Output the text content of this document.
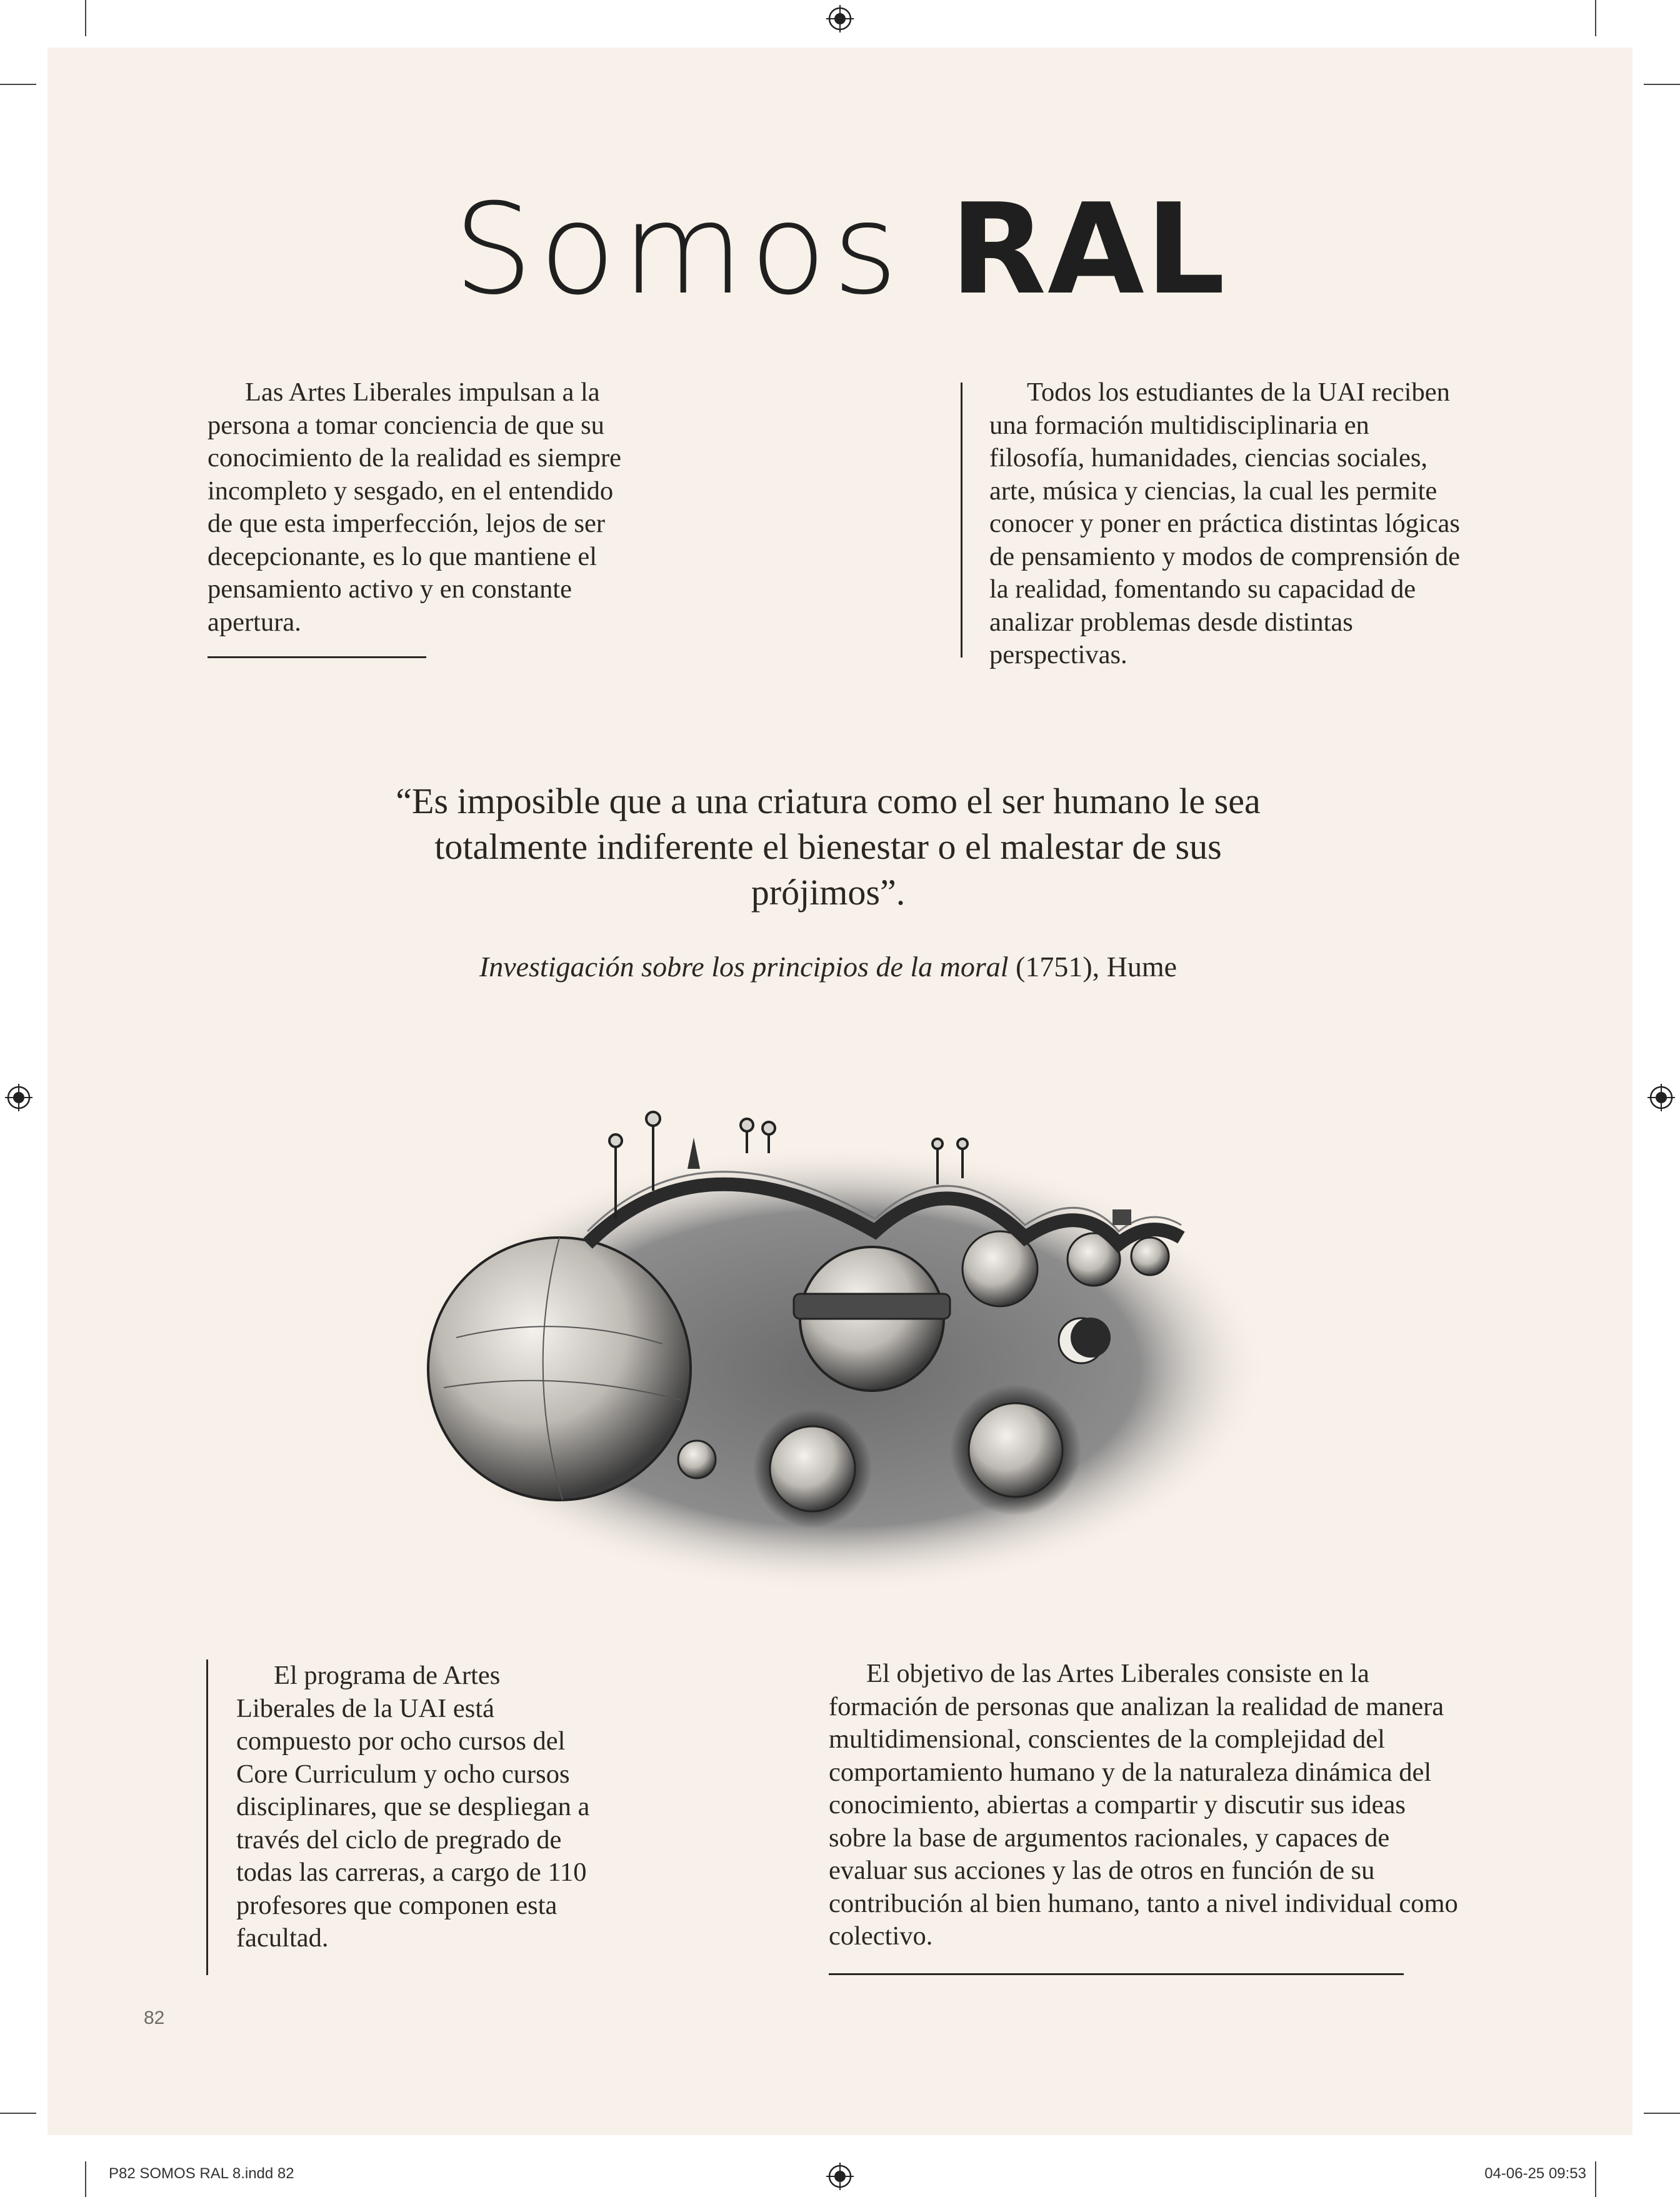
Somos RAL

Las Artes Liberales impulsan a la persona a tomar conciencia de que su conocimiento de la realidad es siempre incompleto y sesgado, en el entendido de que esta imperfección, lejos de ser decepcionante, es lo que mantiene el pensamiento activo y en constante apertura.

Todos los estudiantes de la UAI reciben una formación multidisciplinaria en filosofía, humanidades, ciencias sociales, arte, música y ciencias, la cual les permite conocer y poner en práctica distintas lógicas de pensamiento y modos de comprensión de la realidad, fomentando su capacidad de analizar problemas desde distintas perspectivas.

“Es imposible que a una criatura como el ser humano le sea totalmente indiferente el bienestar o el malestar de sus prójimos”.
Investigación sobre los principios de la moral (1751), Hume

El programa de Artes Liberales de la UAI está compuesto por ocho cursos del Core Curriculum y ocho cursos disciplinares, que se despliegan a través del ciclo de pregrado de todas las carreras, a cargo de 110 profesores que componen esta facultad.

El objetivo de las Artes Liberales consiste en la formación de personas que analizan la realidad de manera multidimensional, conscientes de la complejidad del comportamiento humano y de la naturaleza dinámica del conocimiento, abiertas a compartir y discutir sus ideas sobre la base de argumentos racionales, y capaces de evaluar sus acciones y las de otros en función de su contribución al bien humano, tanto a nivel individual como colectivo.

82
P82 SOMOS RAL 8.indd 82	04-06-25 09:53
